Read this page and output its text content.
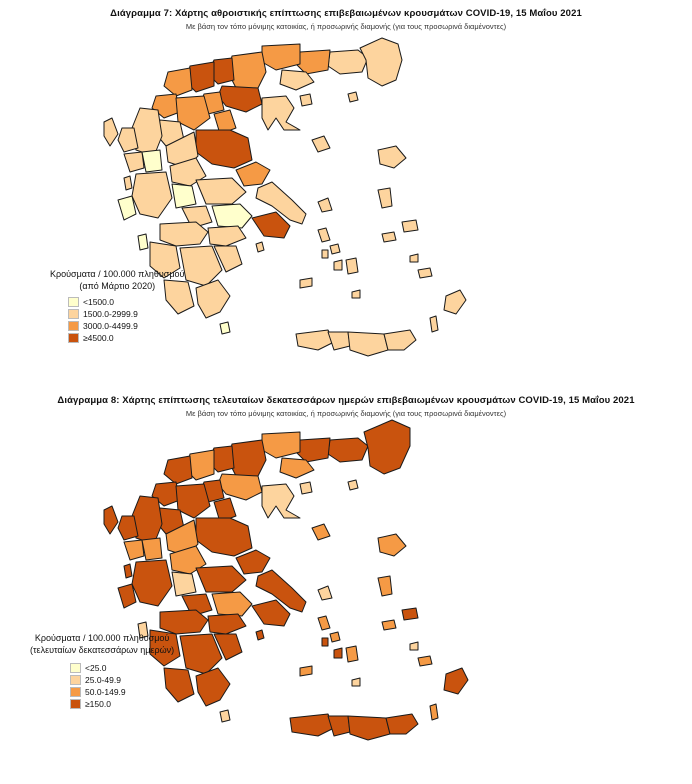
Διάγραμμα 7: Χάρτης αθροιστικής επίπτωσης επιβεβαιωμένων κρουσμάτων COVID-19, 15 Μαΐου 2021
Με βάση τον τόπο μόνιμης κατοικίας, ή προσωρινής διαμονής (για τους προσωρινά διαμένοντες)
Κρούσματα / 100.000 πληθυσμού
(από Μάρτιο 2020)
<1500.0
1500.0-2999.9
3000.0-4499.9
≥4500.0
Διάγραμμα 8: Χάρτης επίπτωσης τελευταίων δεκατεσσάρων ημερών επιβεβαιωμένων κρουσμάτων COVID-19, 15 Μαΐου 2021
Με βάση τον τόπο μόνιμης κατοικίας, ή προσωρινής διαμονής (για τους προσωρινά διαμένοντες)
Κρούσματα / 100.000 πληθυσμού
(τελευταίων δεκατεσσάρων ημερών)
<25.0
25.0-49.9
50.0-149.9
≥150.0
